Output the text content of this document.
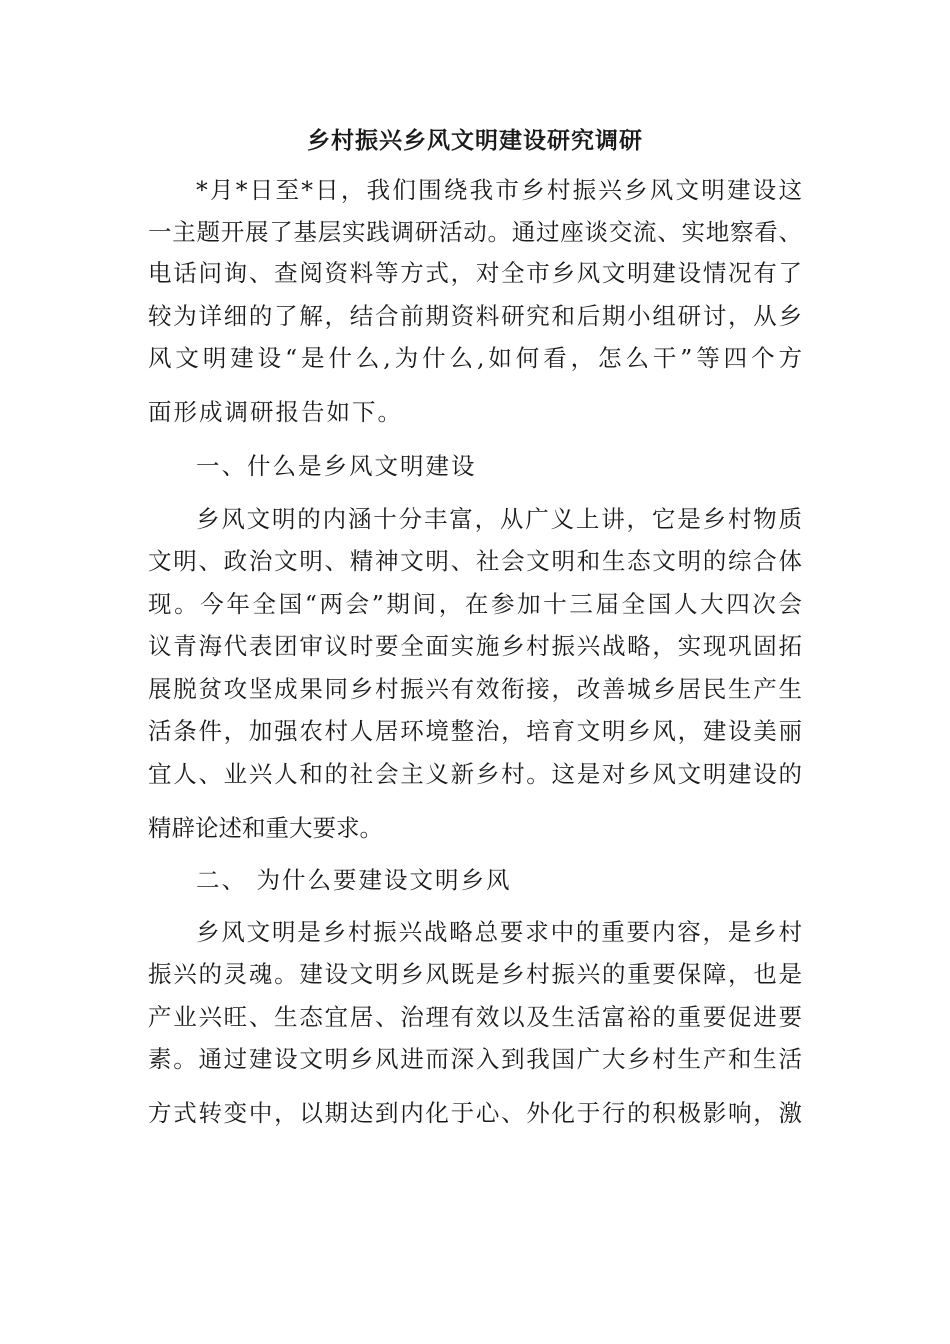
乡村振兴乡风文明建设研究调研
*月*日至*日，我们围绕我市乡村振兴乡风文明建设这
一主题开展了基层实践调研活动。通过座谈交流、实地察看、
电话问询、查阅资料等方式，对全市乡风文明建设情况有了
较为详细的了解，结合前期资料研究和后期小组研讨，从乡
风文明建设“是什么,为什么,如何看，怎么干”等四个方
面形成调研报告如下。
一、什么是乡风文明建设
乡风文明的内涵十分丰富，从广义上讲，它是乡村物质
文明、政治文明、精神文明、社会文明和生态文明的综合体
现。今年全国“两会”期间，在参加十三届全国人大四次会
议青海代表团审议时要全面实施乡村振兴战略，实现巩固拓
展脱贫攻坚成果同乡村振兴有效衔接，改善城乡居民生产生
活条件，加强农村人居环境整治，培育文明乡风，建设美丽
宜人、业兴人和的社会主义新乡村。这是对乡风文明建设的
精辟论述和重大要求。
二、 为什么要建设文明乡风
乡风文明是乡村振兴战略总要求中的重要内容，是乡村
振兴的灵魂。建设文明乡风既是乡村振兴的重要保障，也是
产业兴旺、生态宜居、治理有效以及生活富裕的重要促进要
素。通过建设文明乡风进而深入到我国广大乡村生产和生活
方式转变中，以期达到内化于心、外化于行的积极影响，激
